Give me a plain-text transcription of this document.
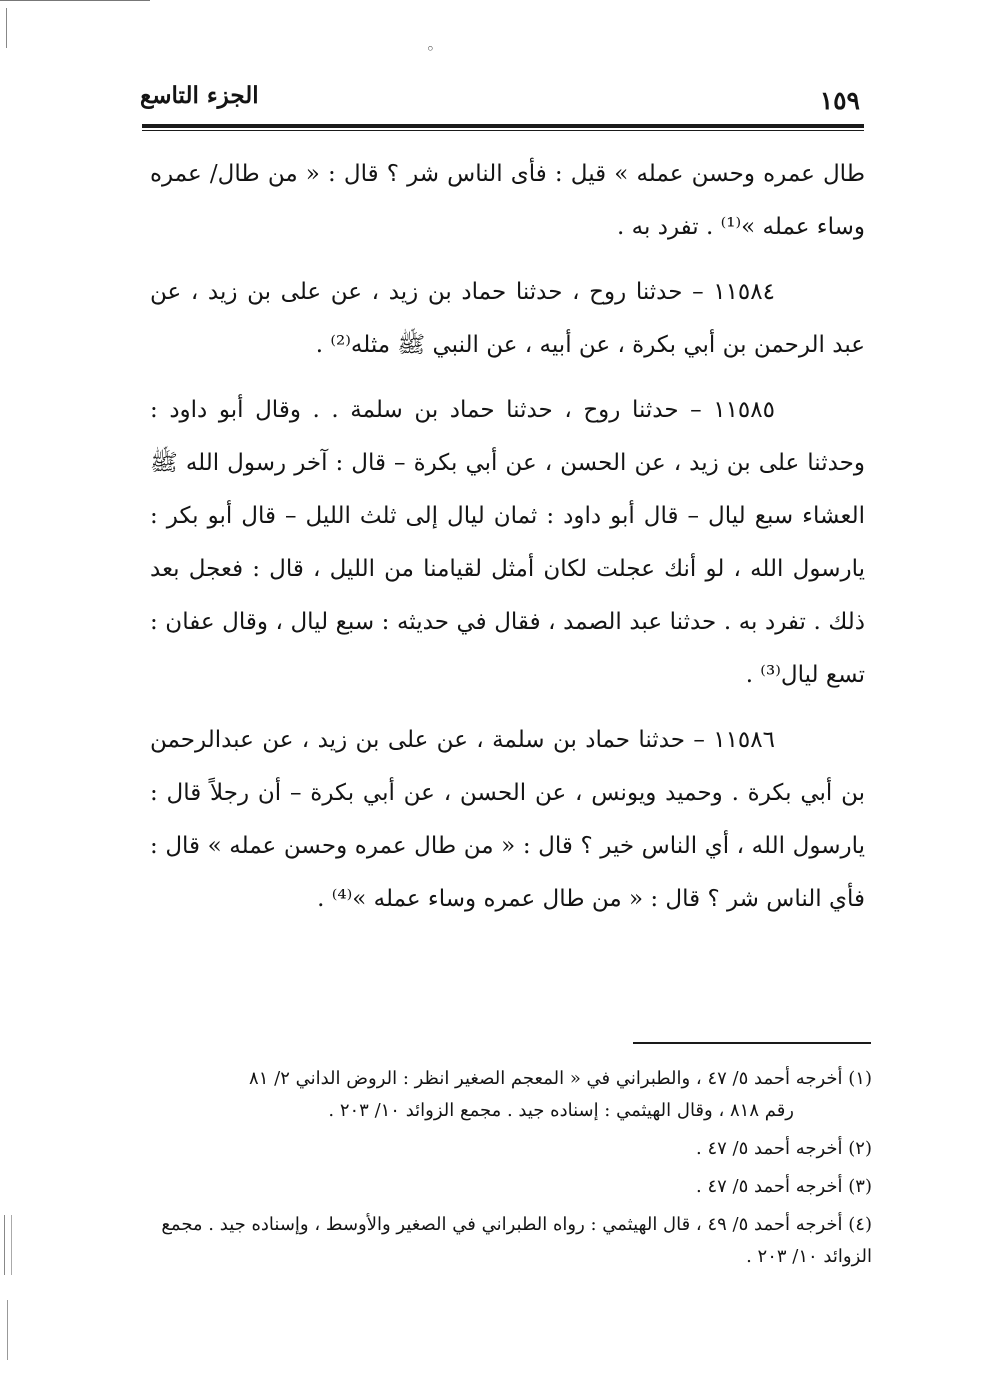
◦
١٥٩
الجزء التاسع

طال عمره وحسن عمله » قيل : فأى الناس شر ؟ قال : « من طال/ عمره وساء عمله »⁽¹⁾ . تفرد به .

١١٥٨٤ – حدثنا روح ، حدثنا حماد بن زيد ، عن على بن زيد ، عن عبد الرحمن بن أبي بكرة ، عن أبيه ، عن النبي ﷺ مثله⁽²⁾ .

١١٥٨٥ – حدثنا روح ، حدثنا حماد بن سلمة . . وقال أبو داود : وحدثنا على بن زيد ، عن الحسن ، عن أبي بكرة – قال : آخر رسول الله ﷺ العشاء سبع ليال – قال أبو داود : ثمان ليال إلى ثلث الليل – قال أبو بكر : يارسول الله ، لو أنك عجلت لكان أمثل لقيامنا من الليل ، قال : فعجل بعد ذلك . تفرد به . حدثنا عبد الصمد ، فقال في حديثه : سبع ليال ، وقال عفان : تسع ليال⁽³⁾ .

١١٥٨٦ – حدثنا حماد بن سلمة ، عن على بن زيد ، عن عبدالرحمن بن أبي بكرة . وحميد ويونس ، عن الحسن ، عن أبي بكرة – أن رجلاً قال : يارسول الله ، أي الناس خير ؟ قال : « من طال عمره وحسن عمله » قال : فأي الناس شر ؟ قال : « من طال عمره وساء عمله »⁽⁴⁾ .

(١) أخرجه أحمد ٥/ ٤٧ ، والطبراني في « المعجم الصغير انظر : الروض الداني ٢/ ٨١

رقم ٨١٨ ، وقال الهيثمي : إسناده جيد . مجمع الزوائد ١٠/ ٢٠٣ .

(٢) أخرجه أحمد ٥/ ٤٧ .

(٣) أخرجه أحمد ٥/ ٤٧ .

(٤) أخرجه أحمد ٥/ ٤٩ ، قال الهيثمي : رواه الطبراني في الصغير والأوسط ، وإسناده جيد . مجمع الزوائد ١٠/ ٢٠٣ .
